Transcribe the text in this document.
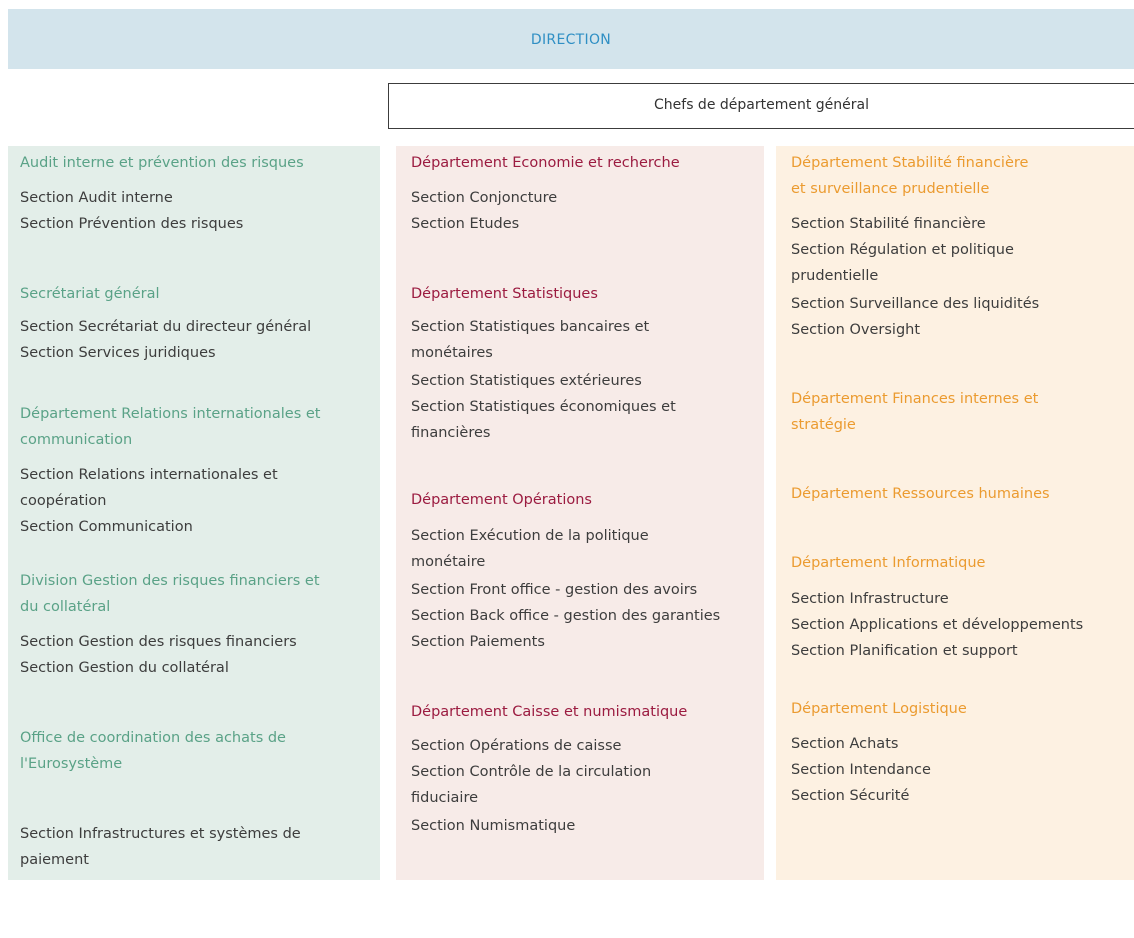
DIRECTION
Chefs de département général
Audit interne et prévention des risques
Section Audit interne
Section Prévention des risques
Secrétariat général
Section Secrétariat du directeur général
Section Services juridiques
Département Relations internationales et
communication
Section Relations internationales et
coopération
Section Communication
Division Gestion des risques financiers et
du collatéral
Section Gestion des risques financiers
Section Gestion du collatéral
Office de coordination des achats de
l'Eurosystème
Section Infrastructures et systèmes de
paiement
Département Economie et recherche
Section Conjoncture
Section Etudes
Département Statistiques
Section Statistiques bancaires et
monétaires
Section Statistiques extérieures
Section Statistiques économiques et
financières
Département Opérations
Section Exécution de la politique
monétaire
Section Front office - gestion des avoirs
Section Back office - gestion des garanties
Section Paiements
Département Caisse et numismatique
Section Opérations de caisse
Section Contrôle de la circulation
fiduciaire
Section Numismatique
Département Stabilité financière
et surveillance prudentielle
Section Stabilité financière
Section Régulation et politique
prudentielle
Section Surveillance des liquidités
Section Oversight
Département Finances internes et
stratégie
Département Ressources humaines
Département Informatique
Section Infrastructure
Section Applications et développements
Section Planification et support
Département Logistique
Section Achats
Section Intendance
Section Sécurité
